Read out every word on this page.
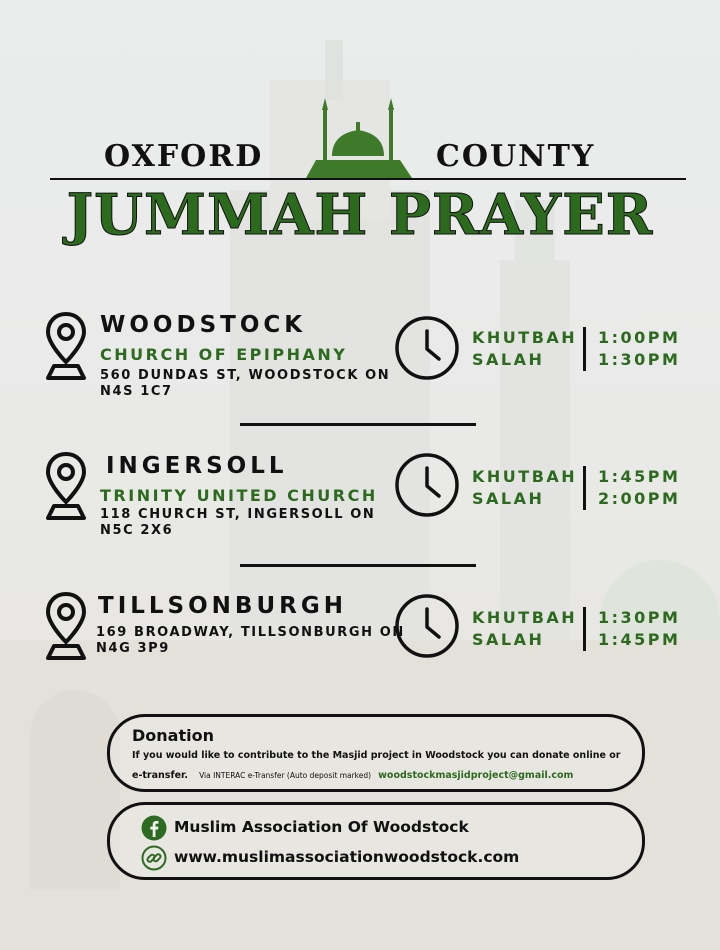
OXFORD	COUNTY
JUMMAH PRAYER
WOODSTOCK
CHURCH OF EPIPHANY
560 DUNDAS ST, WOODSTOCK ON
N4S 1C7
KHUTBAH
SALAH
1:00PM
1:30PM
INGERSOLL
TRINITY UNITED CHURCH
118 CHURCH ST, INGERSOLL ON
N5C 2X6
KHUTBAH
SALAH
1:45PM
2:00PM
TILLSONBURGH
169 BROADWAY, TILLSONBURGH ON
N4G 3P9
KHUTBAH
SALAH
1:30PM
1:45PM
Donation
If you would like to contribute to the Masjid project in Woodstock you can donate online or
e-transfer. Via INTERAC e-Transfer (Auto deposit marked) woodstockmasjidproject@gmail.com
Muslim Association Of Woodstock
www.muslimassociationwoodstock.com
